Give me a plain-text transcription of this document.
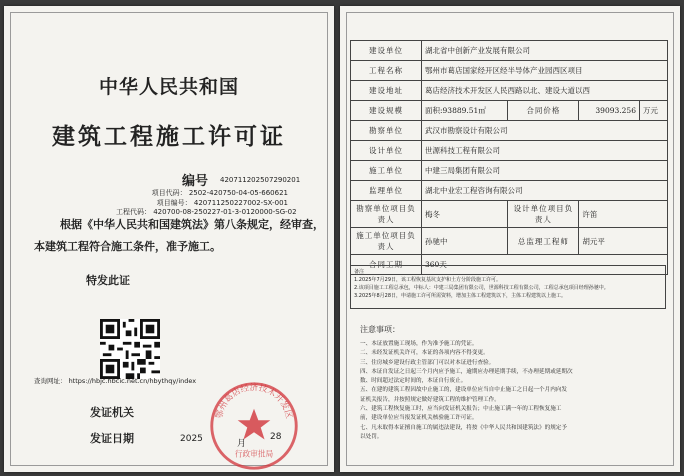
中华人民共和国
建筑工程施工许可证
编号 420711202507290201
项目代码： 2502-420750-04-05-660621
项目编号： 420711250227002-SX-001
工程代码： 420700-08-250227-01-3-0120000-SG-02
根据《中华人民共和国建筑法》第八条规定，经审查，
本建筑工程符合施工条件，准予施工。
特发此证
查询网址： https://hbjc.hbcic.net.cn/hbythqy/index
发证机关
发证日期	2025	月
28
鄂州葛店经济技术开发区
行政审批局
建设单位	湖北省中创新产业发展有限公司			
工程名称	鄂州市葛店国家经开区经半导体产业园西区项目			
建设地址	葛店经济技术开发区人民西路以北、建设大道以西			
建设规模	面积:93889.51㎡	合同价格	39093.256	万元
勘察单位	武汉市勘察设计有限公司			
设计单位	世源科技工程有限公司			
施工单位	中建三局集团有限公司			
监理单位	湖北中业宏工程咨询有限公司			
勘察单位项目负责人	梅冬	设计单位项目负责人	许笛	
施工单位项目负责人	孙驰中	总监理工程师	胡元平	
合同工期	360天			
备注
1.2025年7月29日，该工程恢复基坑支护和土方分阶段施工许可。
2.该项目施工工程总承包，中标人：中建三局集团有限公司，世源科技工程有限公司，工程总承包项目经理孙驰中。
3.2025年8月28日，申请施工许可所需资料，增加主体工程建筑以下，主体工程建筑以上施工。
注意事项：
一、本证放置施工现场，作为准予施工的凭证。
二、未经发证机关许可，本证的各项内容不得变更。
三、住房城乡建设行政主管部门可以对本证进行查验。
四、本证自发证之日起三个月内应予施工，逾期应办理延期手续，不办理延期或延期次
数、时间超过法定时间的，本证自行废止。
五、在建的建筑工程因故中止施工的，建设单位应当自中止施工之日起一个月内向发
证机关报告，并按照规定做好建筑工程的维护管理工作。
六、建筑工程恢复施工时，应当向发证机关报告；中止施工满一年的工程恢复施工
前，建设单位应当报发证机关核验施工许可证。
七、凡未取得本证擅自施工的属违法建设，将按《中华人民共和国建筑法》的规定予
以处罚。
